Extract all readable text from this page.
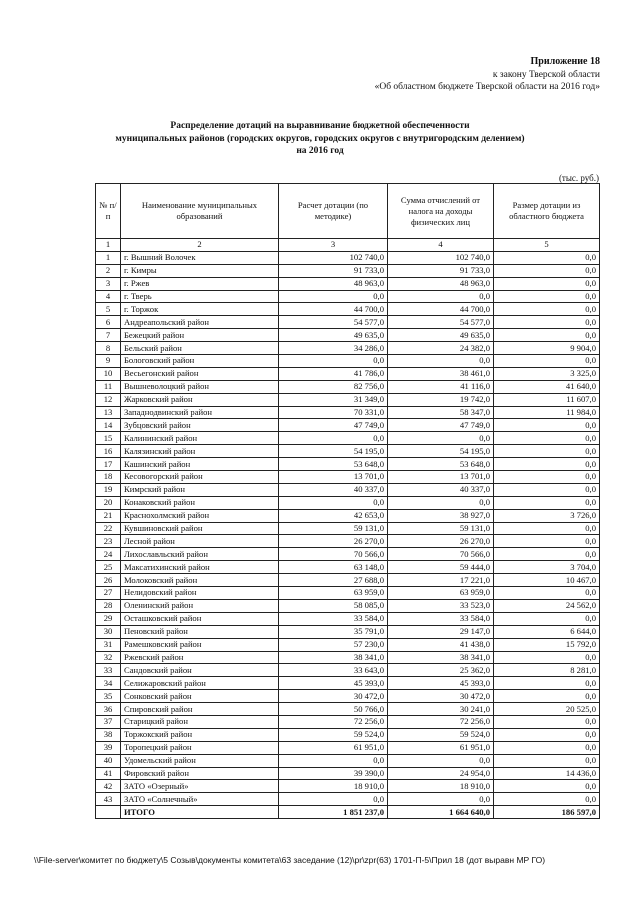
Приложение 18
к закону Тверской области
«Об областном бюджете Тверской области на 2016 год»
Распределение дотаций на выравнивание бюджетной обеспеченности
муниципальных районов (городских округов, городских округов с внутригородским делением)
на 2016 год
(тыс. руб.)
№ п/п	Наименование муниципальных образований	Расчет дотации (по методике)	Сумма отчислений от налога на доходы физических лиц	Размер дотации из областного бюджета
1	2	3	4	5
1	г. Вышний Волочек	102 740,0	102 740,0	0,0
2	г. Кимры	91 733,0	91 733,0	0,0
3	г. Ржев	48 963,0	48 963,0	0,0
4	г. Тверь	0,0	0,0	0,0
5	г. Торжок	44 700,0	44 700,0	0,0
6	Андреапольский район	54 577,0	54 577,0	0,0
7	Бежецкий район	49 635,0	49 635,0	0,0
8	Бельский район	34 286,0	24 382,0	9 904,0
9	Бологовский район	0,0	0,0	0,0
10	Весьегонский район	41 786,0	38 461,0	3 325,0
11	Вышневолоцкий район	82 756,0	41 116,0	41 640,0
12	Жарковский район	31 349,0	19 742,0	11 607,0
13	Западнодвинский район	70 331,0	58 347,0	11 984,0
14	Зубцовский район	47 749,0	47 749,0	0,0
15	Калининский район	0,0	0,0	0,0
16	Калязинский район	54 195,0	54 195,0	0,0
17	Кашинский район	53 648,0	53 648,0	0,0
18	Кесовогорский район	13 701,0	13 701,0	0,0
19	Кимрский район	40 337,0	40 337,0	0,0
20	Конаковский район	0,0	0,0	0,0
21	Краснохолмский район	42 653,0	38 927,0	3 726,0
22	Кувшиновский район	59 131,0	59 131,0	0,0
23	Лесной район	26 270,0	26 270,0	0,0
24	Лихославльский район	70 566,0	70 566,0	0,0
25	Максатихинский район	63 148,0	59 444,0	3 704,0
26	Молоковский район	27 688,0	17 221,0	10 467,0
27	Нелидовский район	63 959,0	63 959,0	0,0
28	Оленинский район	58 085,0	33 523,0	24 562,0
29	Осташковский район	33 584,0	33 584,0	0,0
30	Пеновский район	35 791,0	29 147,0	6 644,0
31	Рамешковский район	57 230,0	41 438,0	15 792,0
32	Ржевский район	38 341,0	38 341,0	0,0
33	Сандовский район	33 643,0	25 362,0	8 281,0
34	Селижаровский район	45 393,0	45 393,0	0,0
35	Сонковский район	30 472,0	30 472,0	0,0
36	Спировский район	50 766,0	30 241,0	20 525,0
37	Старицкий район	72 256,0	72 256,0	0,0
38	Торжокский район	59 524,0	59 524,0	0,0
39	Торопецкий район	61 951,0	61 951,0	0,0
40	Удомельский район	0,0	0,0	0,0
41	Фировский район	39 390,0	24 954,0	14 436,0
42	ЗАТО «Озерный»	18 910,0	18 910,0	0,0
43	ЗАТО «Солнечный»	0,0	0,0	0,0
	ИТОГО	1 851 237,0	1 664 640,0	186 597,0
\\File-server\комитет по бюджету\5 Созыв\документы комитета\63 заседание (12)\pr\zpr(63) 1701-П-5\Прил 18 (дот выравн МР ГО)
